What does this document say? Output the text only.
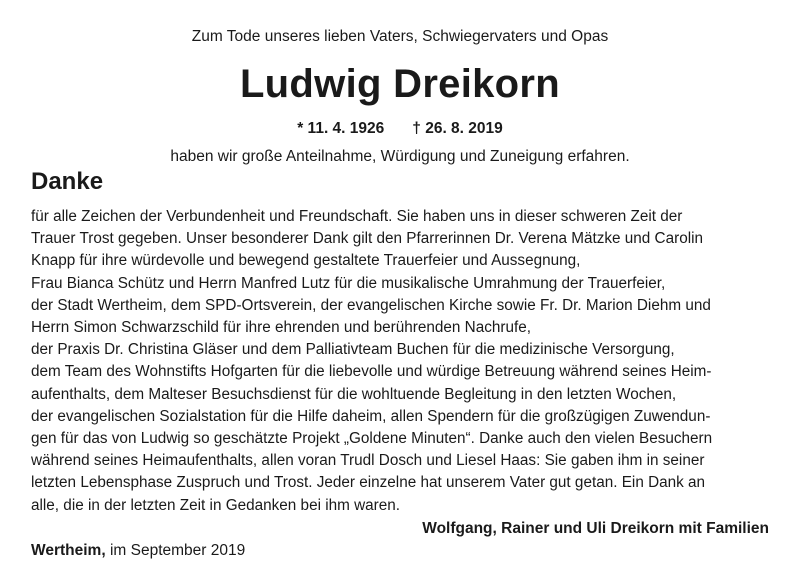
Zum Tode unseres lieben Vaters, Schwiegervaters und Opas
Ludwig Dreikorn
* 11. 4. 1926 † 26. 8. 2019
haben wir große Anteilnahme, Würdigung und Zuneigung erfahren.
Danke
für alle Zeichen der Verbundenheit und Freundschaft. Sie haben uns in dieser schweren Zeit der
Trauer Trost gegeben. Unser besonderer Dank gilt den Pfarrerinnen Dr. Verena Mätzke und Carolin
Knapp für ihre würdevolle und bewegend gestaltete Trauerfeier und Aussegnung,
Frau Bianca Schütz und Herrn Manfred Lutz für die musikalische Umrahmung der Trauerfeier,
der Stadt Wertheim, dem SPD-Ortsverein, der evangelischen Kirche sowie Fr. Dr. Marion Diehm und
Herrn Simon Schwarzschild für ihre ehrenden und berührenden Nachrufe,
der Praxis Dr. Christina Gläser und dem Palliativteam Buchen für die medizinische Versorgung,
dem Team des Wohnstifts Hofgarten für die liebevolle und würdige Betreuung während seines Heim-
aufenthalts, dem Malteser Besuchsdienst für die wohltuende Begleitung in den letzten Wochen,
der evangelischen Sozialstation für die Hilfe daheim, allen Spendern für die großzügigen Zuwendun-
gen für das von Ludwig so geschätzte Projekt „Goldene Minuten“. Danke auch den vielen Besuchern
während seines Heimaufenthalts, allen voran Trudl Dosch und Liesel Haas: Sie gaben ihm in seiner
letzten Lebensphase Zuspruch und Trost. Jeder einzelne hat unserem Vater gut getan. Ein Dank an
alle, die in der letzten Zeit in Gedanken bei ihm waren.
Wolfgang, Rainer und Uli Dreikorn mit Familien
Wertheim, im September 2019
